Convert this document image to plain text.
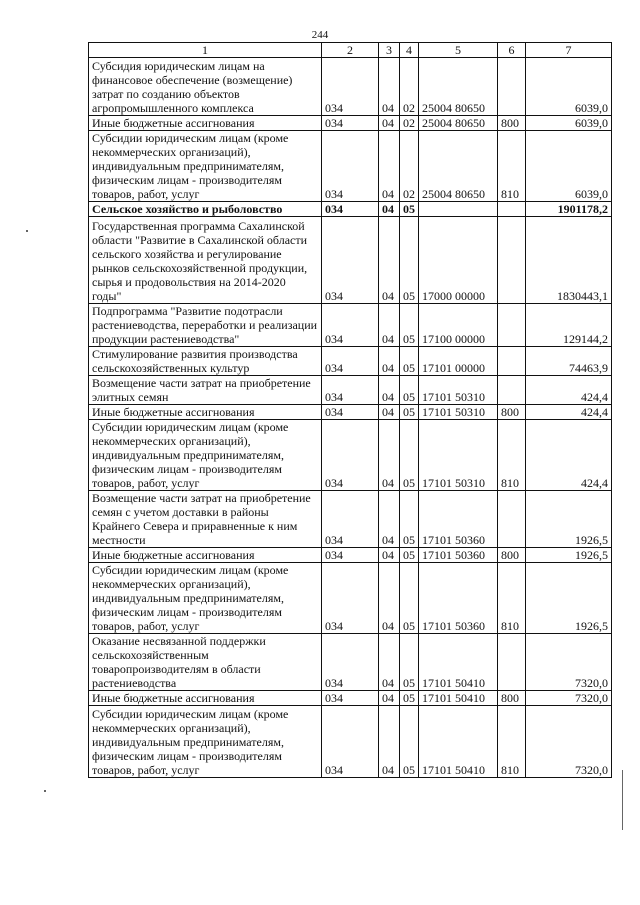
244
1	2	3	4	5	6	7
Субсидия юридическим лицам на финансовое обеспечение (возмещение) затрат по созданию объектов агропромышленного комплекса	034	04	02	25004 80650		6039,0
Иные бюджетные ассигнования	034	04	02	25004 80650	800	6039,0
Субсидии юридическим лицам (кроме некоммерческих организаций), индивидуальным предпринимателям, физическим лицам - производителям товаров, работ, услуг	034	04	02	25004 80650	810	6039,0
Сельское хозяйство и рыболовство	034	04	05			1901178,2
Государственная программа Сахалинской области "Развитие в Сахалинской области сельского хозяйства и регулирование рынков сельскохозяйственной продукции, сырья и продовольствия на 2014-2020 годы"	034	04	05	17000 00000		1830443,1
Подпрограмма "Развитие подотрасли растениеводства, переработки и реализации продукции растениеводства"	034	04	05	17100 00000		129144,2
Стимулирование развития производства сельскохозяйственных культур	034	04	05	17101 00000		74463,9
Возмещение части затрат на приобретение элитных семян	034	04	05	17101 50310		424,4
Иные бюджетные ассигнования	034	04	05	17101 50310	800	424,4
Субсидии юридическим лицам (кроме некоммерческих организаций), индивидуальным предпринимателям, физическим лицам - производителям товаров, работ, услуг	034	04	05	17101 50310	810	424,4
Возмещение части затрат на приобретение семян с учетом доставки в районы Крайнего Севера и приравненные к ним местности	034	04	05	17101 50360		1926,5
Иные бюджетные ассигнования	034	04	05	17101 50360	800	1926,5
Субсидии юридическим лицам (кроме некоммерческих организаций), индивидуальным предпринимателям, физическим лицам - производителям товаров, работ, услуг	034	04	05	17101 50360	810	1926,5
Оказание несвязанной поддержки сельскохозяйственным товаропроизводителям в области растениеводства	034	04	05	17101 50410		7320,0
Иные бюджетные ассигнования	034	04	05	17101 50410	800	7320,0
Субсидии юридическим лицам (кроме некоммерческих организаций), индивидуальным предпринимателям, физическим лицам - производителям товаров, работ, услуг	034	04	05	17101 50410	810	7320,0
